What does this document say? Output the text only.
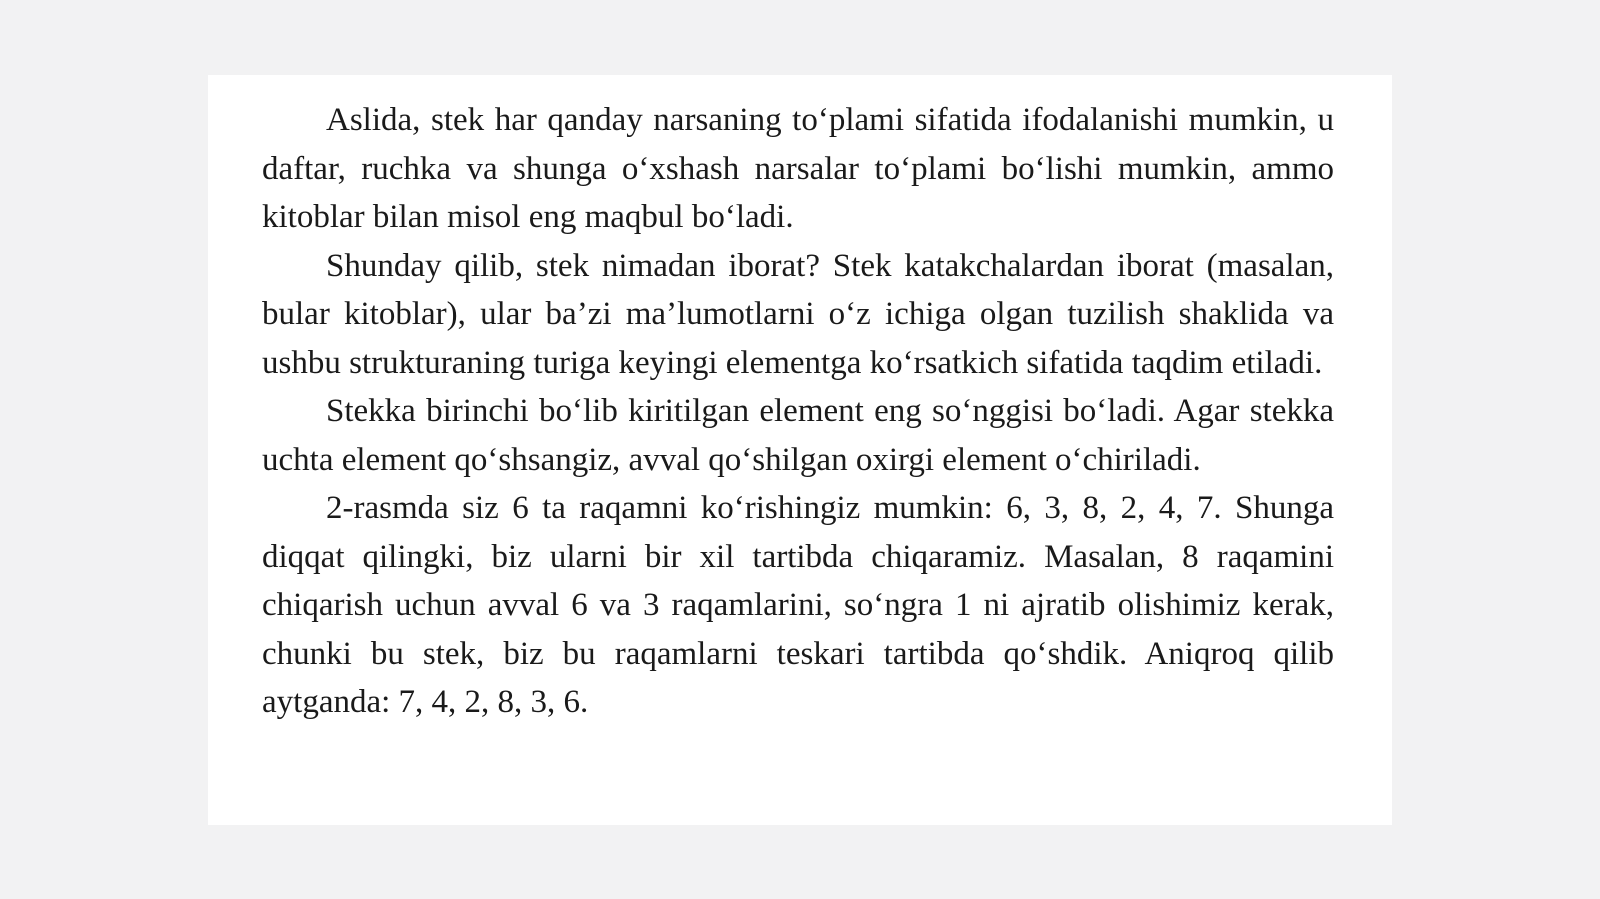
Aslida, stek har qanday narsaning to‘plami sifatida ifodalanishi mumkin, u daftar, ruchka va shunga o‘xshash narsalar to‘plami bo‘lishi mumkin, ammo kitoblar bilan misol eng maqbul bo‘ladi.

Shunday qilib, stek nimadan iborat? Stek katakchalardan iborat (masalan, bular kitoblar), ular ba’zi ma’lumotlarni o‘z ichiga olgan tuzilish shaklida va ushbu strukturaning turiga keyingi elementga ko‘rsatkich sifatida taqdim etiladi.

Stekka birinchi bo‘lib kiritilgan element eng so‘nggisi bo‘ladi. Agar stekka uchta element qo‘shsangiz, avval qo‘shilgan oxirgi element o‘chiriladi.

2-rasmda siz 6 ta raqamni ko‘rishingiz mumkin: 6, 3, 8, 2, 4, 7. Shunga diqqat qilingki, biz ularni bir xil tartibda chiqaramiz. Masalan, 8 raqamini chiqarish uchun avval 6 va 3 raqamlarini, so‘ngra 1 ni ajratib olishimiz kerak, chunki bu stek, biz bu raqamlarni teskari tartibda qo‘shdik. Aniqroq qilib aytganda: 7, 4, 2, 8, 3, 6.
